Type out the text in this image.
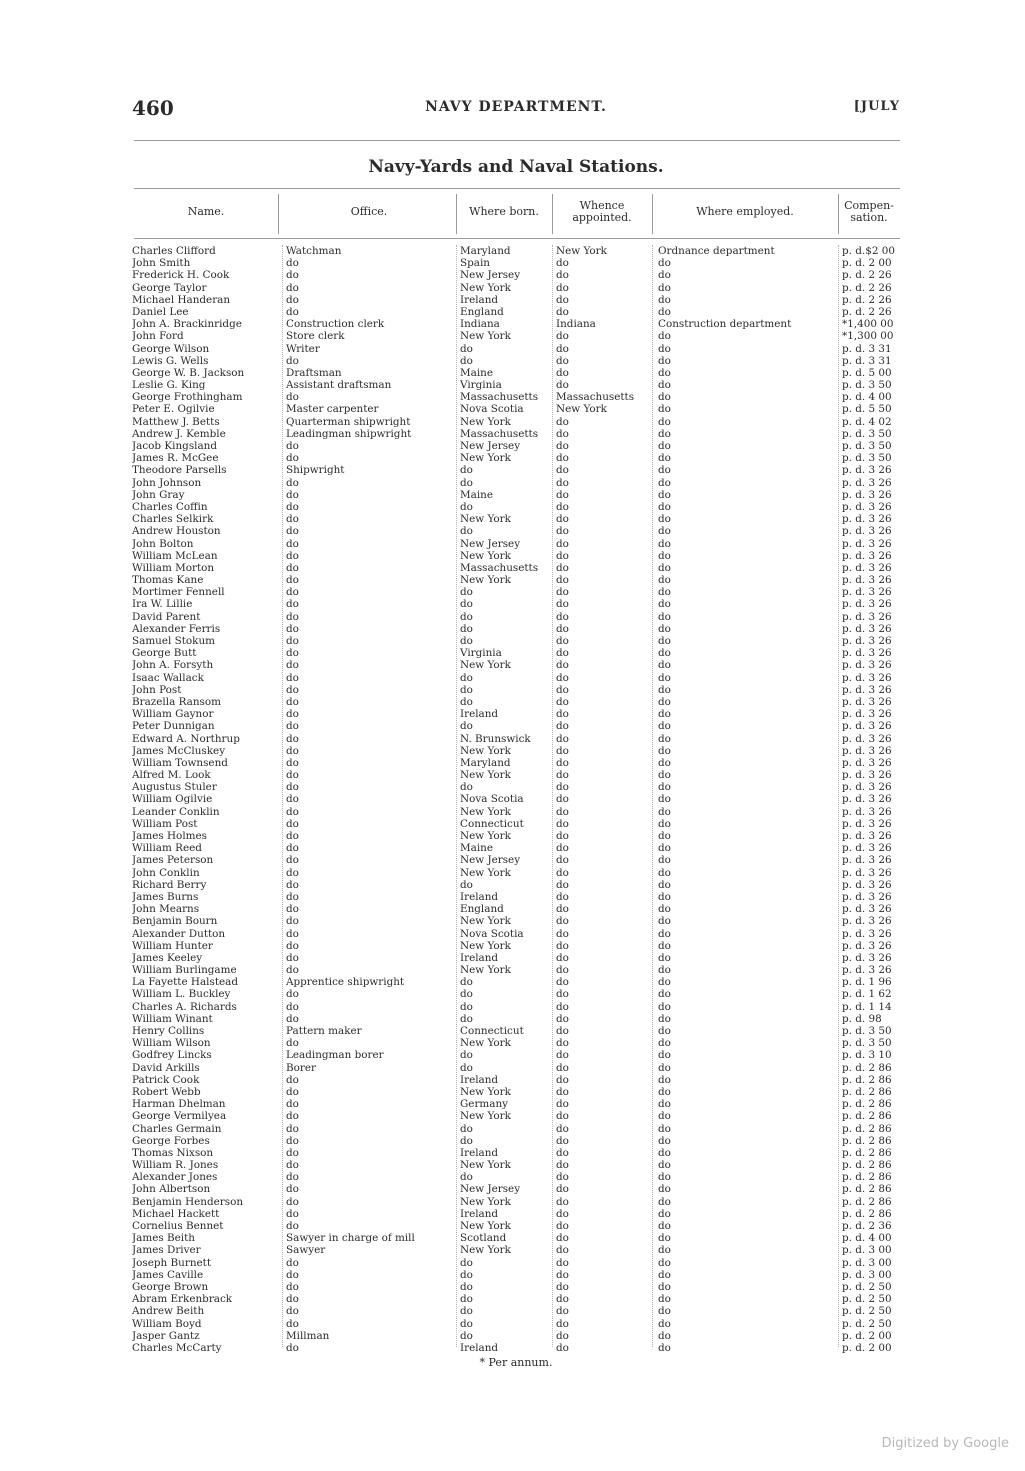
460	NAVY DEPARTMENT.	[JULY
Navy-Yards and Naval Stations.
Name.	Office.	Where born.	Whence appointed.	Where employed.	Compen-sation.
Charles Clifford	Watchman	Maryland	New York	Ordnance department	p. d.$2 00
John Smith	do	Spain	do	do	p. d. 2 00
Frederick H. Cook	do	New Jersey	do	do	p. d. 2 26
George Taylor	do	New York	do	do	p. d. 2 26
Michael Handeran	do	Ireland	do	do	p. d. 2 26
Daniel Lee	do	England	do	do	p. d. 2 26
John A. Brackinridge	Construction clerk	Indiana	Indiana	Construction department	*1,400 00
John Ford	Store clerk	New York	do	do	*1,300 00
George Wilson	Writer	do	do	do	p. d. 3 31
Lewis G. Wells	do	do	do	do	p. d. 3 31
George W. B. Jackson	Draftsman	Maine	do	do	p. d. 5 00
Leslie G. King	Assistant draftsman	Virginia	do	do	p. d. 3 50
George Frothingham	do	Massachusetts	Massachusetts	do	p. d. 4 00
Peter E. Ogilvie	Master carpenter	Nova Scotia	New York	do	p. d. 5 50
Matthew J. Betts	Quarterman shipwright	New York	do	do	p. d. 4 02
Andrew J. Kemble	Leadingman shipwright	Massachusetts	do	do	p. d. 3 50
Jacob Kingsland	do	New Jersey	do	do	p. d. 3 50
James R. McGee	do	New York	do	do	p. d. 3 50
Theodore Parsells	Shipwright	do	do	do	p. d. 3 26
John Johnson	do	do	do	do	p. d. 3 26
John Gray	do	Maine	do	do	p. d. 3 26
Charles Coffin	do	do	do	do	p. d. 3 26
Charles Selkirk	do	New York	do	do	p. d. 3 26
Andrew Houston	do	do	do	do	p. d. 3 26
John Bolton	do	New Jersey	do	do	p. d. 3 26
William McLean	do	New York	do	do	p. d. 3 26
William Morton	do	Massachusetts	do	do	p. d. 3 26
Thomas Kane	do	New York	do	do	p. d. 3 26
Mortimer Fennell	do	do	do	do	p. d. 3 26
Ira W. Lillie	do	do	do	do	p. d. 3 26
David Parent	do	do	do	do	p. d. 3 26
Alexander Ferris	do	do	do	do	p. d. 3 26
Samuel Stokum	do	do	do	do	p. d. 3 26
George Butt	do	Virginia	do	do	p. d. 3 26
John A. Forsyth	do	New York	do	do	p. d. 3 26
Isaac Wallack	do	do	do	do	p. d. 3 26
John Post	do	do	do	do	p. d. 3 26
Brazella Ransom	do	do	do	do	p. d. 3 26
William Gaynor	do	Ireland	do	do	p. d. 3 26
Peter Dunnigan	do	do	do	do	p. d. 3 26
Edward A. Northrup	do	N. Brunswick	do	do	p. d. 3 26
James McCluskey	do	New York	do	do	p. d. 3 26
William Townsend	do	Maryland	do	do	p. d. 3 26
Alfred M. Look	do	New York	do	do	p. d. 3 26
Augustus Stuler	do	do	do	do	p. d. 3 26
William Ogilvie	do	Nova Scotia	do	do	p. d. 3 26
Leander Conklin	do	New York	do	do	p. d. 3 26
William Post	do	Connecticut	do	do	p. d. 3 26
James Holmes	do	New York	do	do	p. d. 3 26
William Reed	do	Maine	do	do	p. d. 3 26
James Peterson	do	New Jersey	do	do	p. d. 3 26
John Conklin	do	New York	do	do	p. d. 3 26
Richard Berry	do	do	do	do	p. d. 3 26
James Burns	do	Ireland	do	do	p. d. 3 26
John Mearns	do	England	do	do	p. d. 3 26
Benjamin Bourn	do	New York	do	do	p. d. 3 26
Alexander Dutton	do	Nova Scotia	do	do	p. d. 3 26
William Hunter	do	New York	do	do	p. d. 3 26
James Keeley	do	Ireland	do	do	p. d. 3 26
William Burlingame	do	New York	do	do	p. d. 3 26
La Fayette Halstead	Apprentice shipwright	do	do	do	p. d. 1 96
William L. Buckley	do	do	do	do	p. d. 1 62
Charles A. Richards	do	do	do	do	p. d. 1 14
William Winant	do	do	do	do	p. d. 98
Henry Collins	Pattern maker	Connecticut	do	do	p. d. 3 50
William Wilson	do	New York	do	do	p. d. 3 50
Godfrey Lincks	Leadingman borer	do	do	do	p. d. 3 10
David Arkills	Borer	do	do	do	p. d. 2 86
Patrick Cook	do	Ireland	do	do	p. d. 2 86
Robert Webb	do	New York	do	do	p. d. 2 86
Harman Dhelman	do	Germany	do	do	p. d. 2 86
George Vermilyea	do	New York	do	do	p. d. 2 86
Charles Germain	do	do	do	do	p. d. 2 86
George Forbes	do	do	do	do	p. d. 2 86
Thomas Nixson	do	Ireland	do	do	p. d. 2 86
William R. Jones	do	New York	do	do	p. d. 2 86
Alexander Jones	do	do	do	do	p. d. 2 86
John Albertson	do	New Jersey	do	do	p. d. 2 86
Benjamin Henderson	do	New York	do	do	p. d. 2 86
Michael Hackett	do	Ireland	do	do	p. d. 2 86
Cornelius Bennet	do	New York	do	do	p. d. 2 36
James Beith	Sawyer in charge of mill	Scotland	do	do	p. d. 4 00
James Driver	Sawyer	New York	do	do	p. d. 3 00
Joseph Burnett	do	do	do	do	p. d. 3 00
James Caville	do	do	do	do	p. d. 3 00
George Brown	do	do	do	do	p. d. 2 50
Abram Erkenbrack	do	do	do	do	p. d. 2 50
Andrew Beith	do	do	do	do	p. d. 2 50
William Boyd	do	do	do	do	p. d. 2 50
Jasper Gantz	Millman	do	do	do	p. d. 2 00
Charles McCarty	do	Ireland	do	do	p. d. 2 00
* Per annum.
Digitized by Google
